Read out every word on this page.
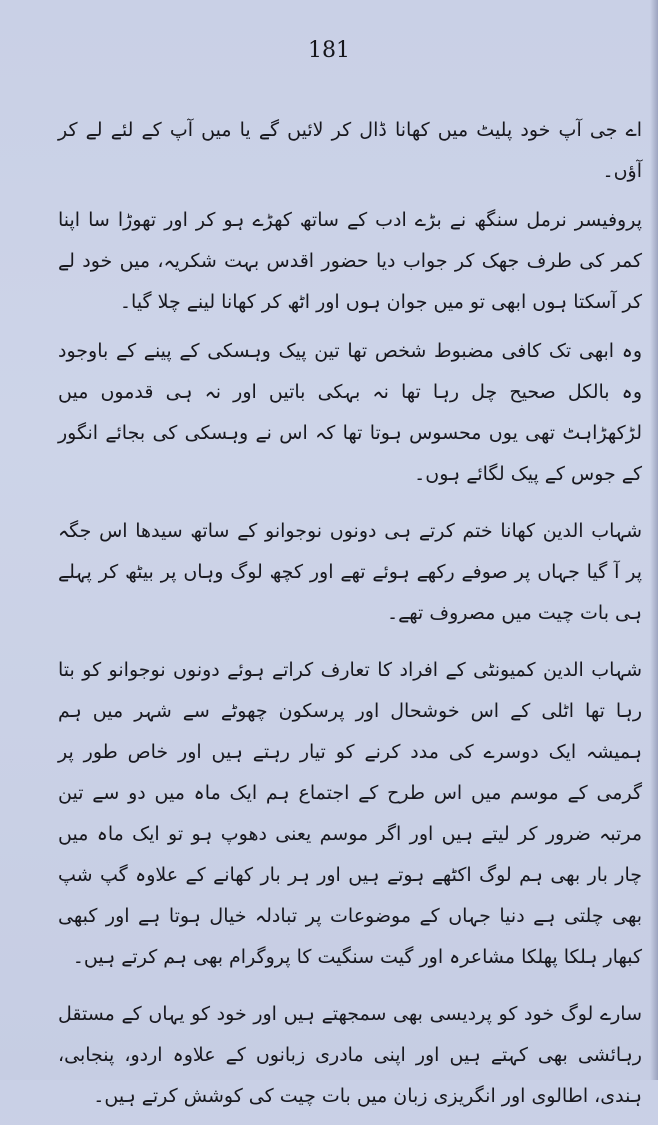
181

اے جی آپ خود پلیٹ میں کھانا ڈال کر لائیں گے یا میں آپ کے لئے لے کر آؤں۔

پروفیسر نرمل سنگھ نے بڑے ادب کے ساتھ کھڑے ہو کر اور تھوڑا سا اپنا کمر کی طرف جھک کر جواب دیا حضور اقدس بہت شکریہ، میں خود لے کر آسکتا ہوں ابھی تو میں جوان ہوں اور اٹھ کر کھانا لینے چلا گیا۔

وہ ابھی تک کافی مضبوط شخص تھا تین پیک وہسکی کے پینے کے باوجود وہ بالکل صحیح چل رہا تھا نہ بہکی باتیں اور نہ ہی قدموں میں لڑکھڑاہٹ تھی یوں محسوس ہوتا تھا کہ اس نے وہسکی کی بجائے انگور کے جوس کے پیک لگائے ہوں۔

شہاب الدین کھانا ختم کرتے ہی دونوں نوجوانو کے ساتھ سیدھا اس جگہ پر آ گیا جہاں پر صوفے رکھے ہوئے تھے اور کچھ لوگ وہاں پر بیٹھ کر پہلے ہی بات چیت میں مصروف تھے۔

شہاب الدین کمیونٹی کے افراد کا تعارف کراتے ہوئے دونوں نوجوانو کو بتا رہا تھا اٹلی کے اس خوشحال اور پرسکون چھوٹے سے شہر میں ہم ہمیشہ ایک دوسرے کی مدد کرنے کو تیار رہتے ہیں اور خاص طور پر گرمی کے موسم میں اس طرح کے اجتماع ہم ایک ماہ میں دو سے تین مرتبہ ضرور کر لیتے ہیں اور اگر موسم یعنی دھوپ ہو تو ایک ماہ میں چار بار بھی ہم لوگ اکٹھے ہوتے ہیں اور ہر بار کھانے کے علاوہ گپ شپ بھی چلتی ہے دنیا جہاں کے موضوعات پر تبادلہ خیال ہوتا ہے اور کبھی کبھار ہلکا پھلکا مشاعرہ اور گیت سنگیت کا پروگرام بھی ہم کرتے ہیں۔

سارے لوگ خود کو پردیسی بھی سمجھتے ہیں اور خود کو یہاں کے مستقل رہائشی بھی کہتے ہیں اور اپنی مادری زبانوں کے علاوہ اردو، پنجابی، ہندی، اطالوی اور انگریزی زبان میں بات چیت کی کوشش کرتے ہیں۔
